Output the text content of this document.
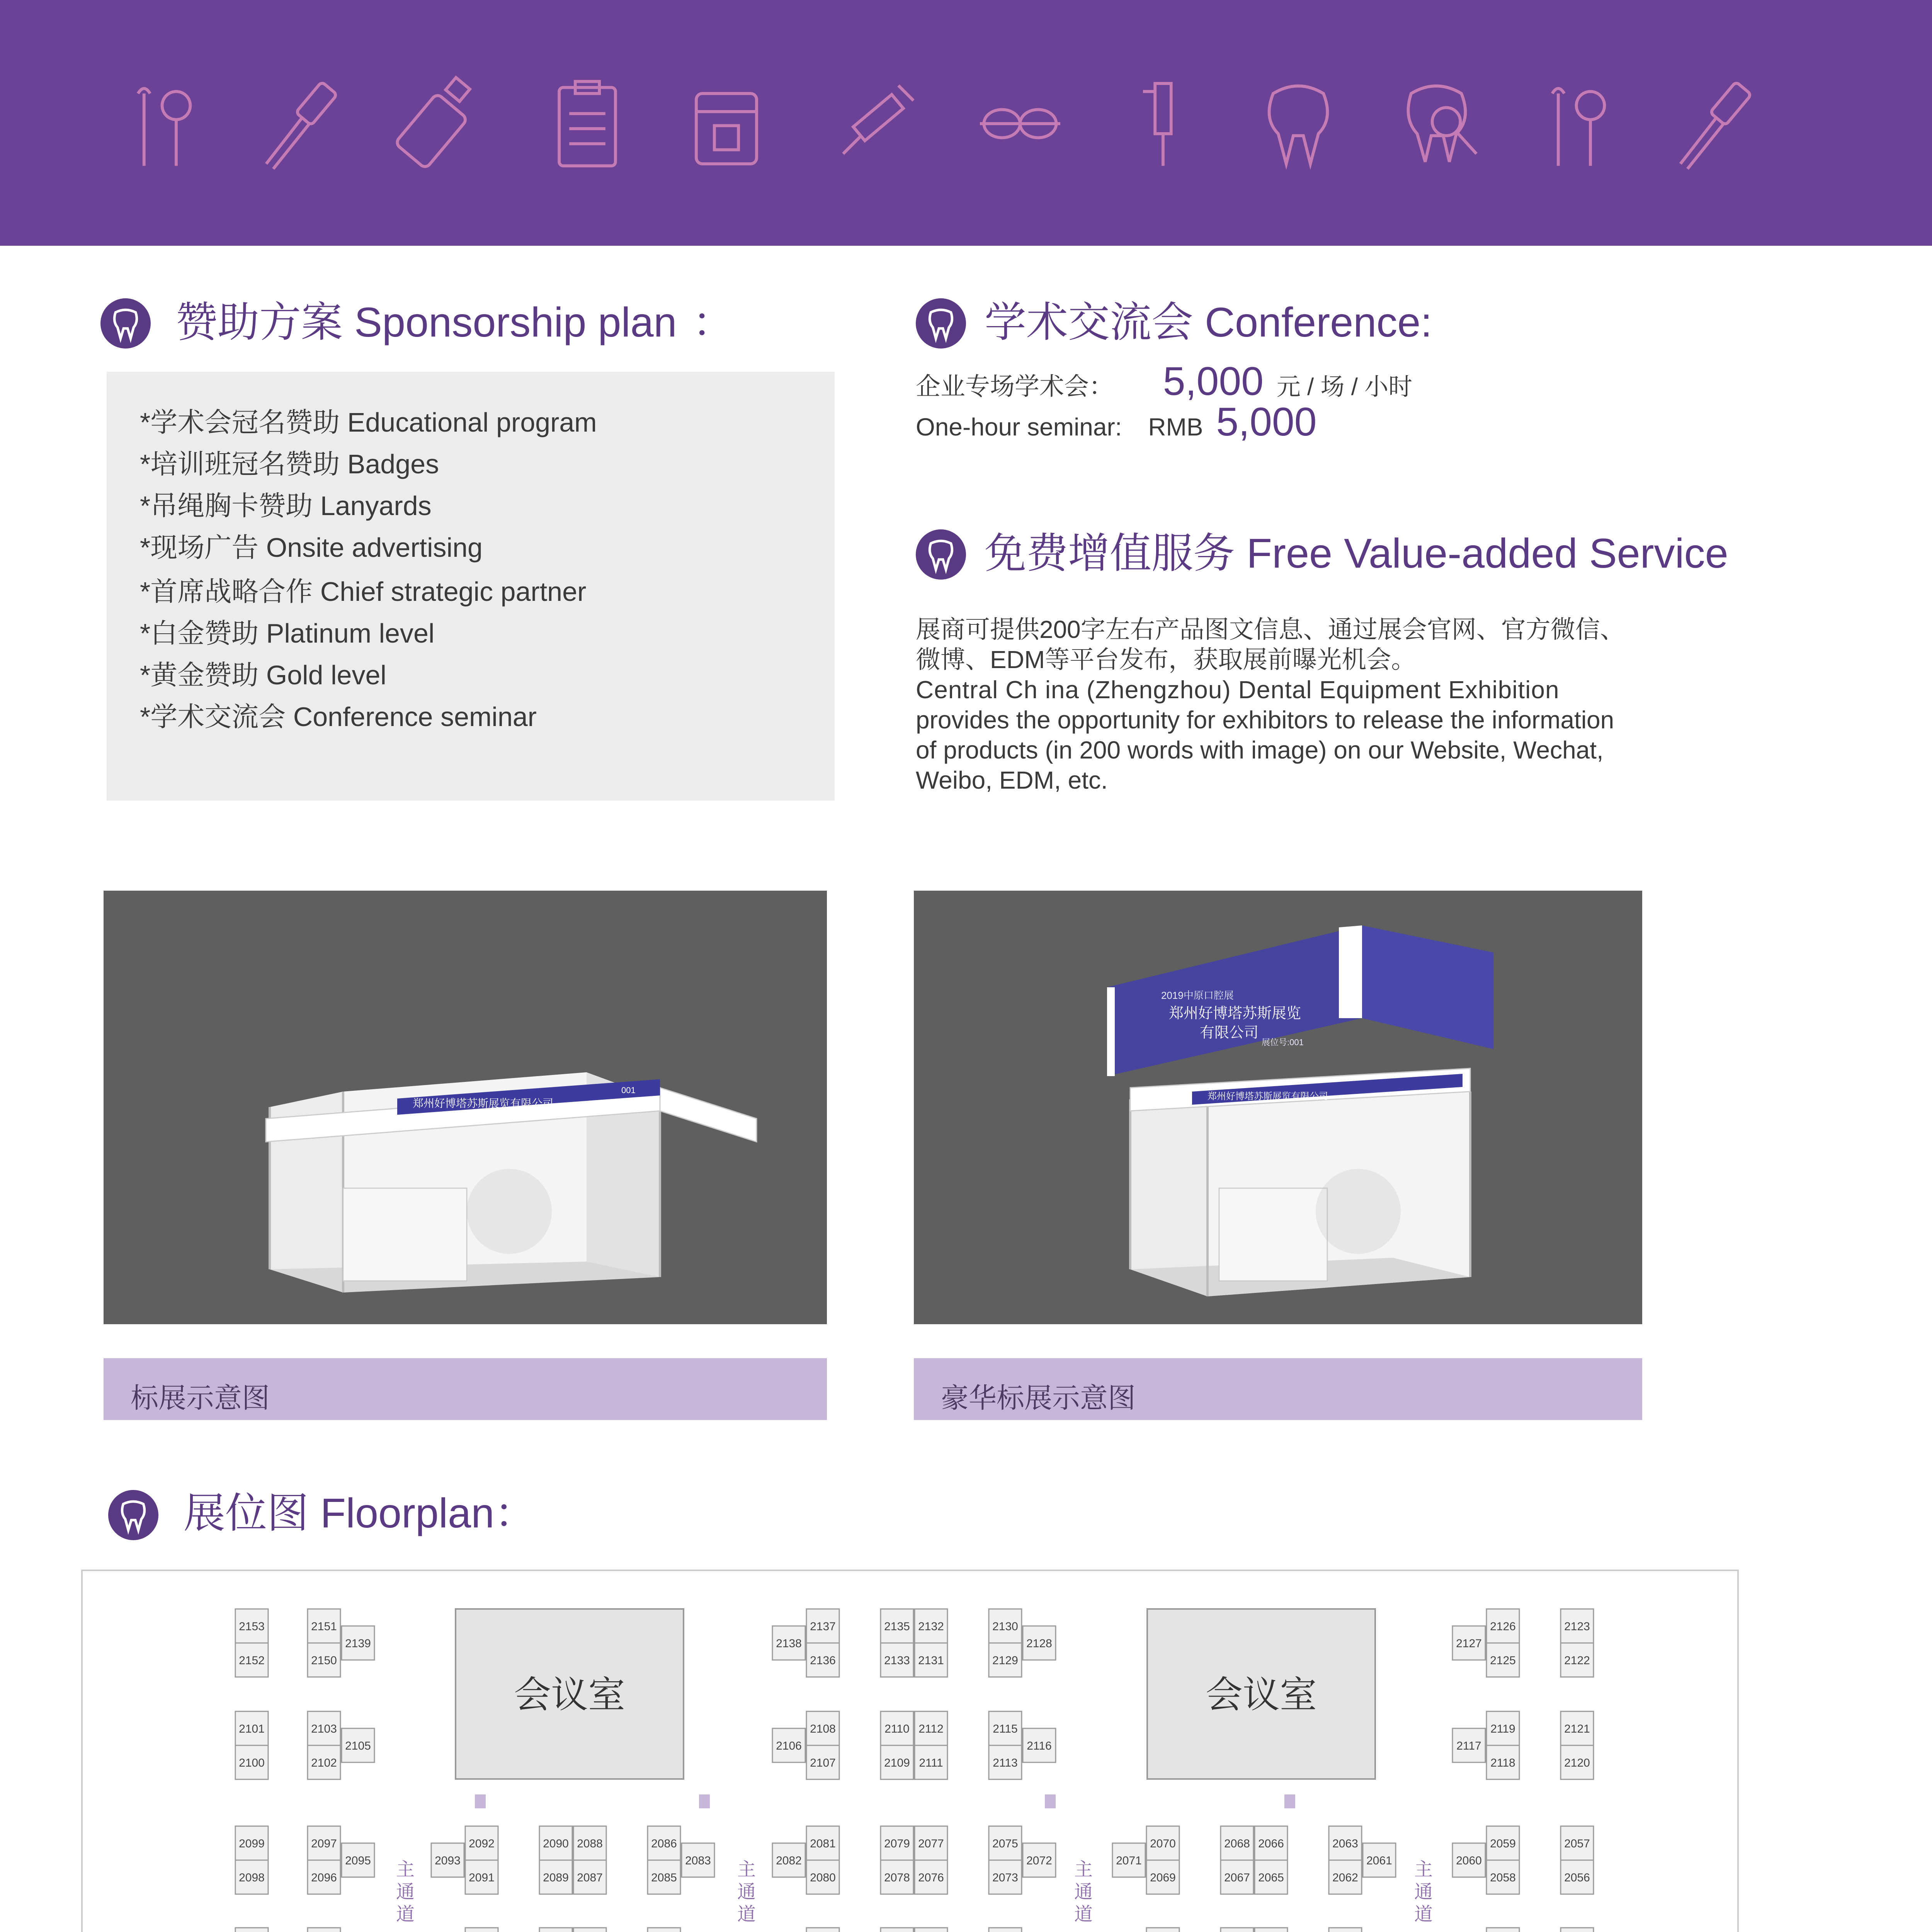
赞助方案 Sponsorship plan ：
*学术会冠名赞助 Educational program
*培训班冠名赞助 Badges
*吊绳胸卡赞助 Lanyards
*现场广告 Onsite advertising
*首席战略合作 Chief strategic partner
*白金赞助 Platinum level
*黄金赞助 Gold level
*学术交流会 Conference seminar
学术交流会 Conference:
企业专场学术会： 5,000 元 / 场 / 小时
One-hour seminar: RMB 5,000
免费增值服务 Free Value-added Service
展商可提供200字左右产品图文信息、通过展会官网、官方微信、
微博、EDM等平台发布，获取展前曝光机会。
Central Ch ina (Zhengzhou) Dental Equipment Exhibition
provides the opportunity for exhibitors to release the information
of products (in 200 words with image) on our Website, Wechat,
Weibo, EDM, etc.
郑州好博塔苏斯展览有限公司
001
标展示意图
郑州好博塔苏斯展览有限公司
2019中原口腔展
郑州好博塔苏斯展览
有限公司
展位号:001
豪华标展示意图
展位图 Floorplan：
2153
2152
2101
2100
2099
2098
2151
2150
2139
2103
2102
2105
2097
2096
2095	2093
2092
2091
2090 2088
2089 2087
2086
2085
2083
2138
2137
2136
2106
2108
2107
2082
2081
2080
2135 2132
2133 2131
2110 2112
2109 2111
2079 2077
2078 2076
2130
2129
2128
2115
2113
2116
2075
2073
2072	2071
2070
2069
2068 2066
2067 2065
2063
2062
2061
2127
2126
2125
2117
2119
2118
2060
2059
2058
2123
2122
2121
2120
2057
2056
会议室	会议室
主
通
道
主
通
道
主
通
道
主
通
道
